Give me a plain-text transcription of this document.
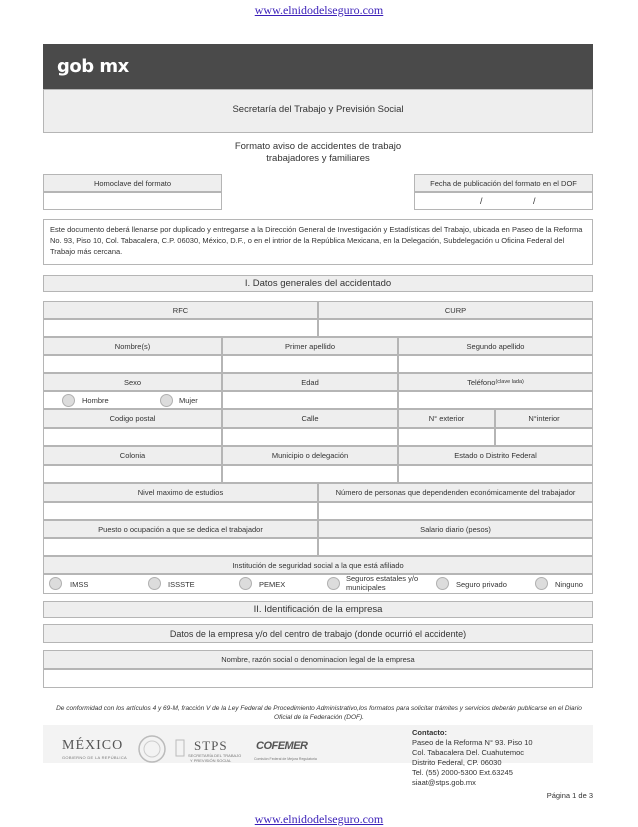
www.elnidodelseguro.com
gob mx
Secretaría del Trabajo y Previsión Social
Formato aviso de accidentes de trabajo
trabajadores y familiares
Homoclave del formato	Fecha de publicación del formato en el DOF
/	/
Este documento deberá llenarse por duplicado y entregarse a la Dirección General de Investigación y Estadísticas del Trabajo, ubicada en Paseo de la Reforma No. 93, Piso 10, Col. Tabacalera, C.P. 06030, México, D.F., o en el intrior de la República Mexicana, en la Delegación, Subdelegación u Oficina Federal del Trabajo más cercana.
I. Datos generales del accidentado
RFC	CURP
Nombre(s)	Primer apellido	Segundo apellido
Sexo	Edad	Teléfono (clave lada)
Hombre	Mujer
Codigo postal	Calle	N° exterior	N°interior
Colonia	Municipio o delegación	Estado o Distrito Federal
Nivel maximo de estudios	Número de personas que dependenden económicamente del trabajador
Puesto o ocupación a que se dedica el trabajador	Salario diario (pesos)
Institución de seguridad social a la que está afiliado
IMSS	ISSSTE	PEMEX
Seguros estatales y/o municipales	Seguro privado	Ninguno
II. Identificación de la empresa
Datos de la empresa y/o del centro de trabajo (donde ocurrió el accidente)
Nombre, razón social o denominacion legal de la empresa
De conformidad con los artículos 4 y 69-M, fracción V de la Ley Federal de Procedimiento Administrativo,los formatos para solicitar trámites y servicios deberán publicarse en el Diario Oficial de la Federación (DOF).
MÉXICO
GOBIERNO DE LA REPÚBLICA
STPS
SECRETARÍA DEL TRABAJO
Y PREVISIÓN SOCIAL
COFEMER
Comisión Federal de Mejora Regulatoria
Contacto:
Paseo de la Reforma N° 93. Piso 10
Col. Tabacalera Del. Cuahutemoc
Distrito Federal, CP. 06030
Tel. (55) 2000-5300 Ext.63245
siaat@stps.gob.mx
Página 1 de 3
www.elnidodelseguro.com
